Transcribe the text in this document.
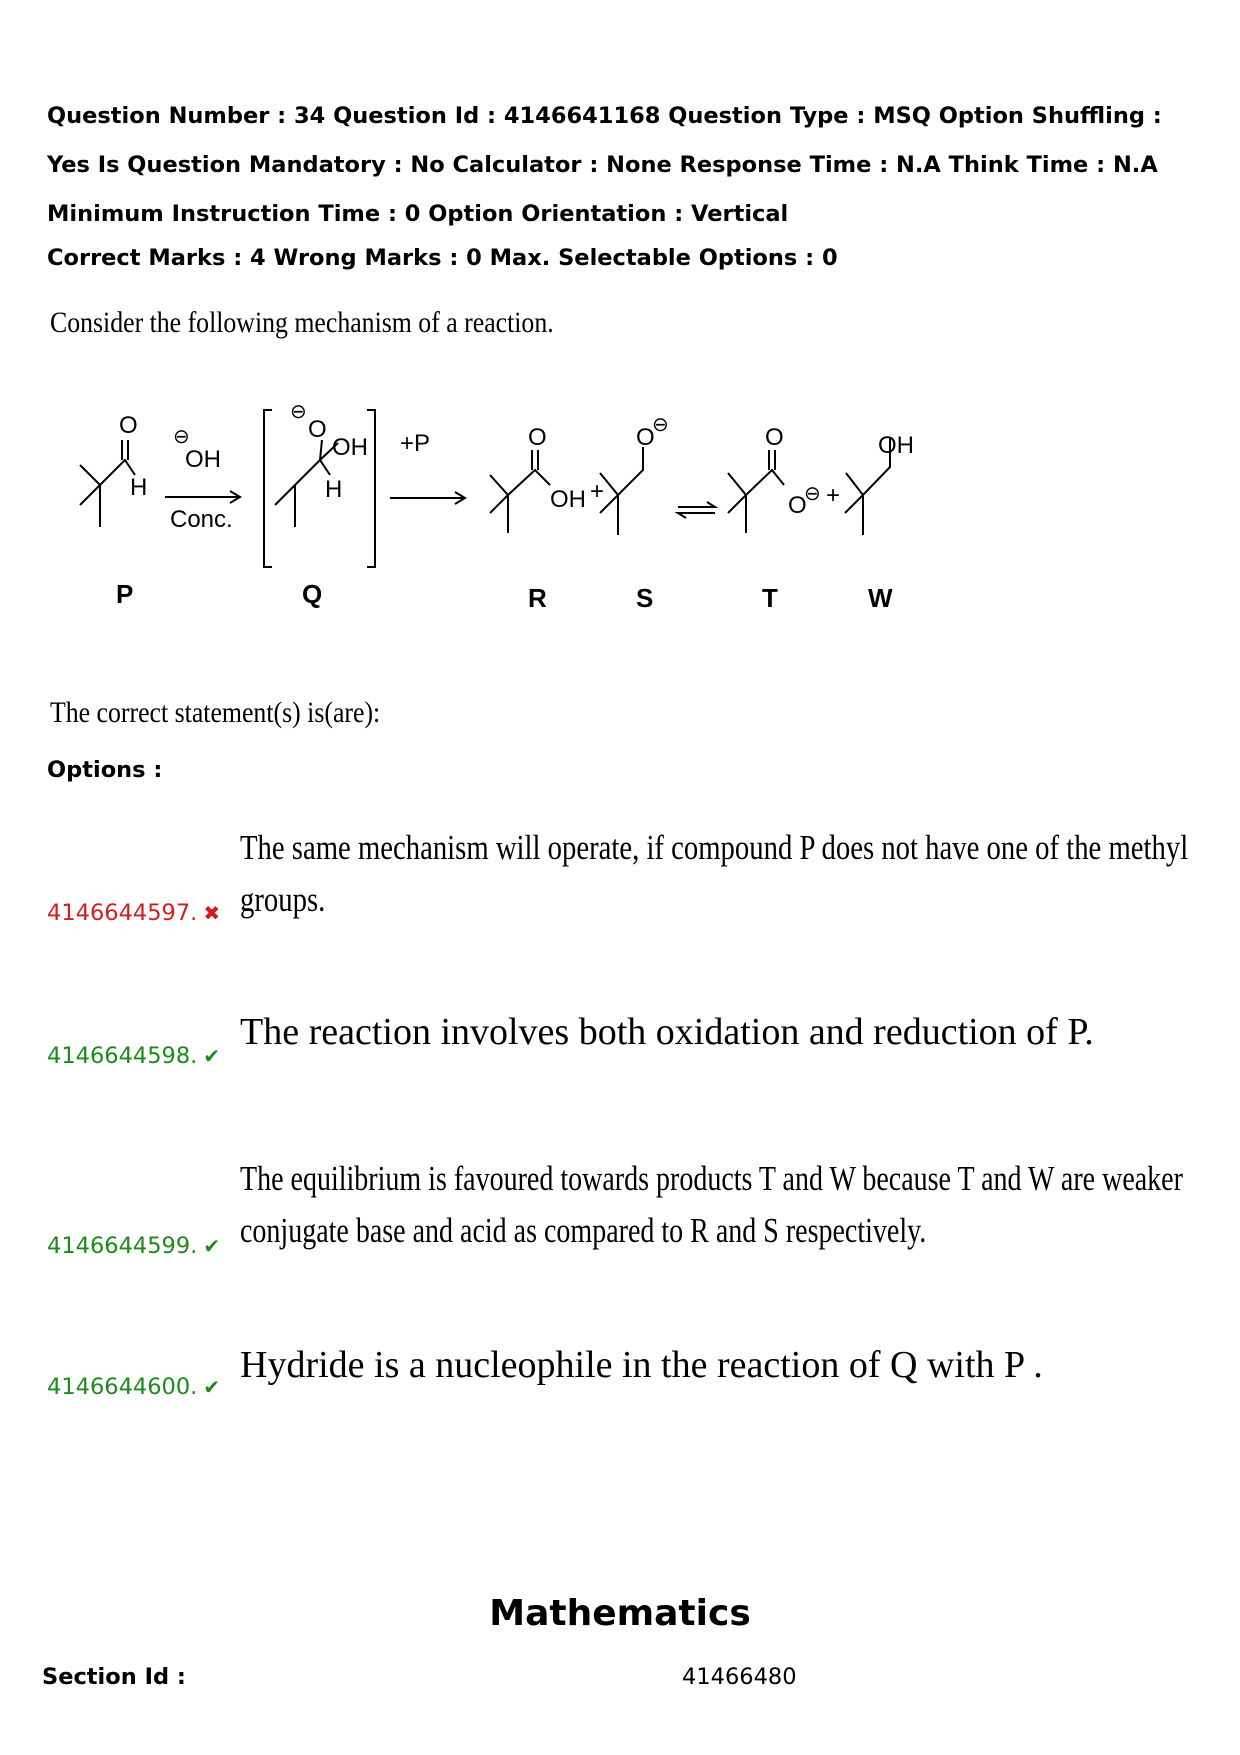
Question Number : 34 Question Id : 4146641168 Question Type : MSQ Option Shuffling : Yes Is Question Mandatory : No Calculator : None Response Time : N.A Think Time : N.A Minimum Instruction Time : 0 Option Orientation : Vertical

Correct Marks : 4 Wrong Marks : 0 Max. Selectable Options : 0

Consider the following mechanism of a reaction.
O
H
⊖
OH
Conc.
⊖
O
OH
H
+P	O
OH +
O
⊖	O
O
⊖ +
OH
P	Q	R	S	T	W
The correct statement(s) is(are):
Options :
4146644597. ✖
The same mechanism will operate, if compound P does not have one of the methyl
groups.
4146644598. ✔
The reaction involves both oxidation and reduction of P.
4146644599. ✔
The equilibrium is favoured towards products T and W because T and W are weaker
conjugate base and acid as compared to R and S respectively.
4146644600. ✔
Hydride is a nucleophile in the reaction of Q with P .
Mathematics
Section Id :	41466480
